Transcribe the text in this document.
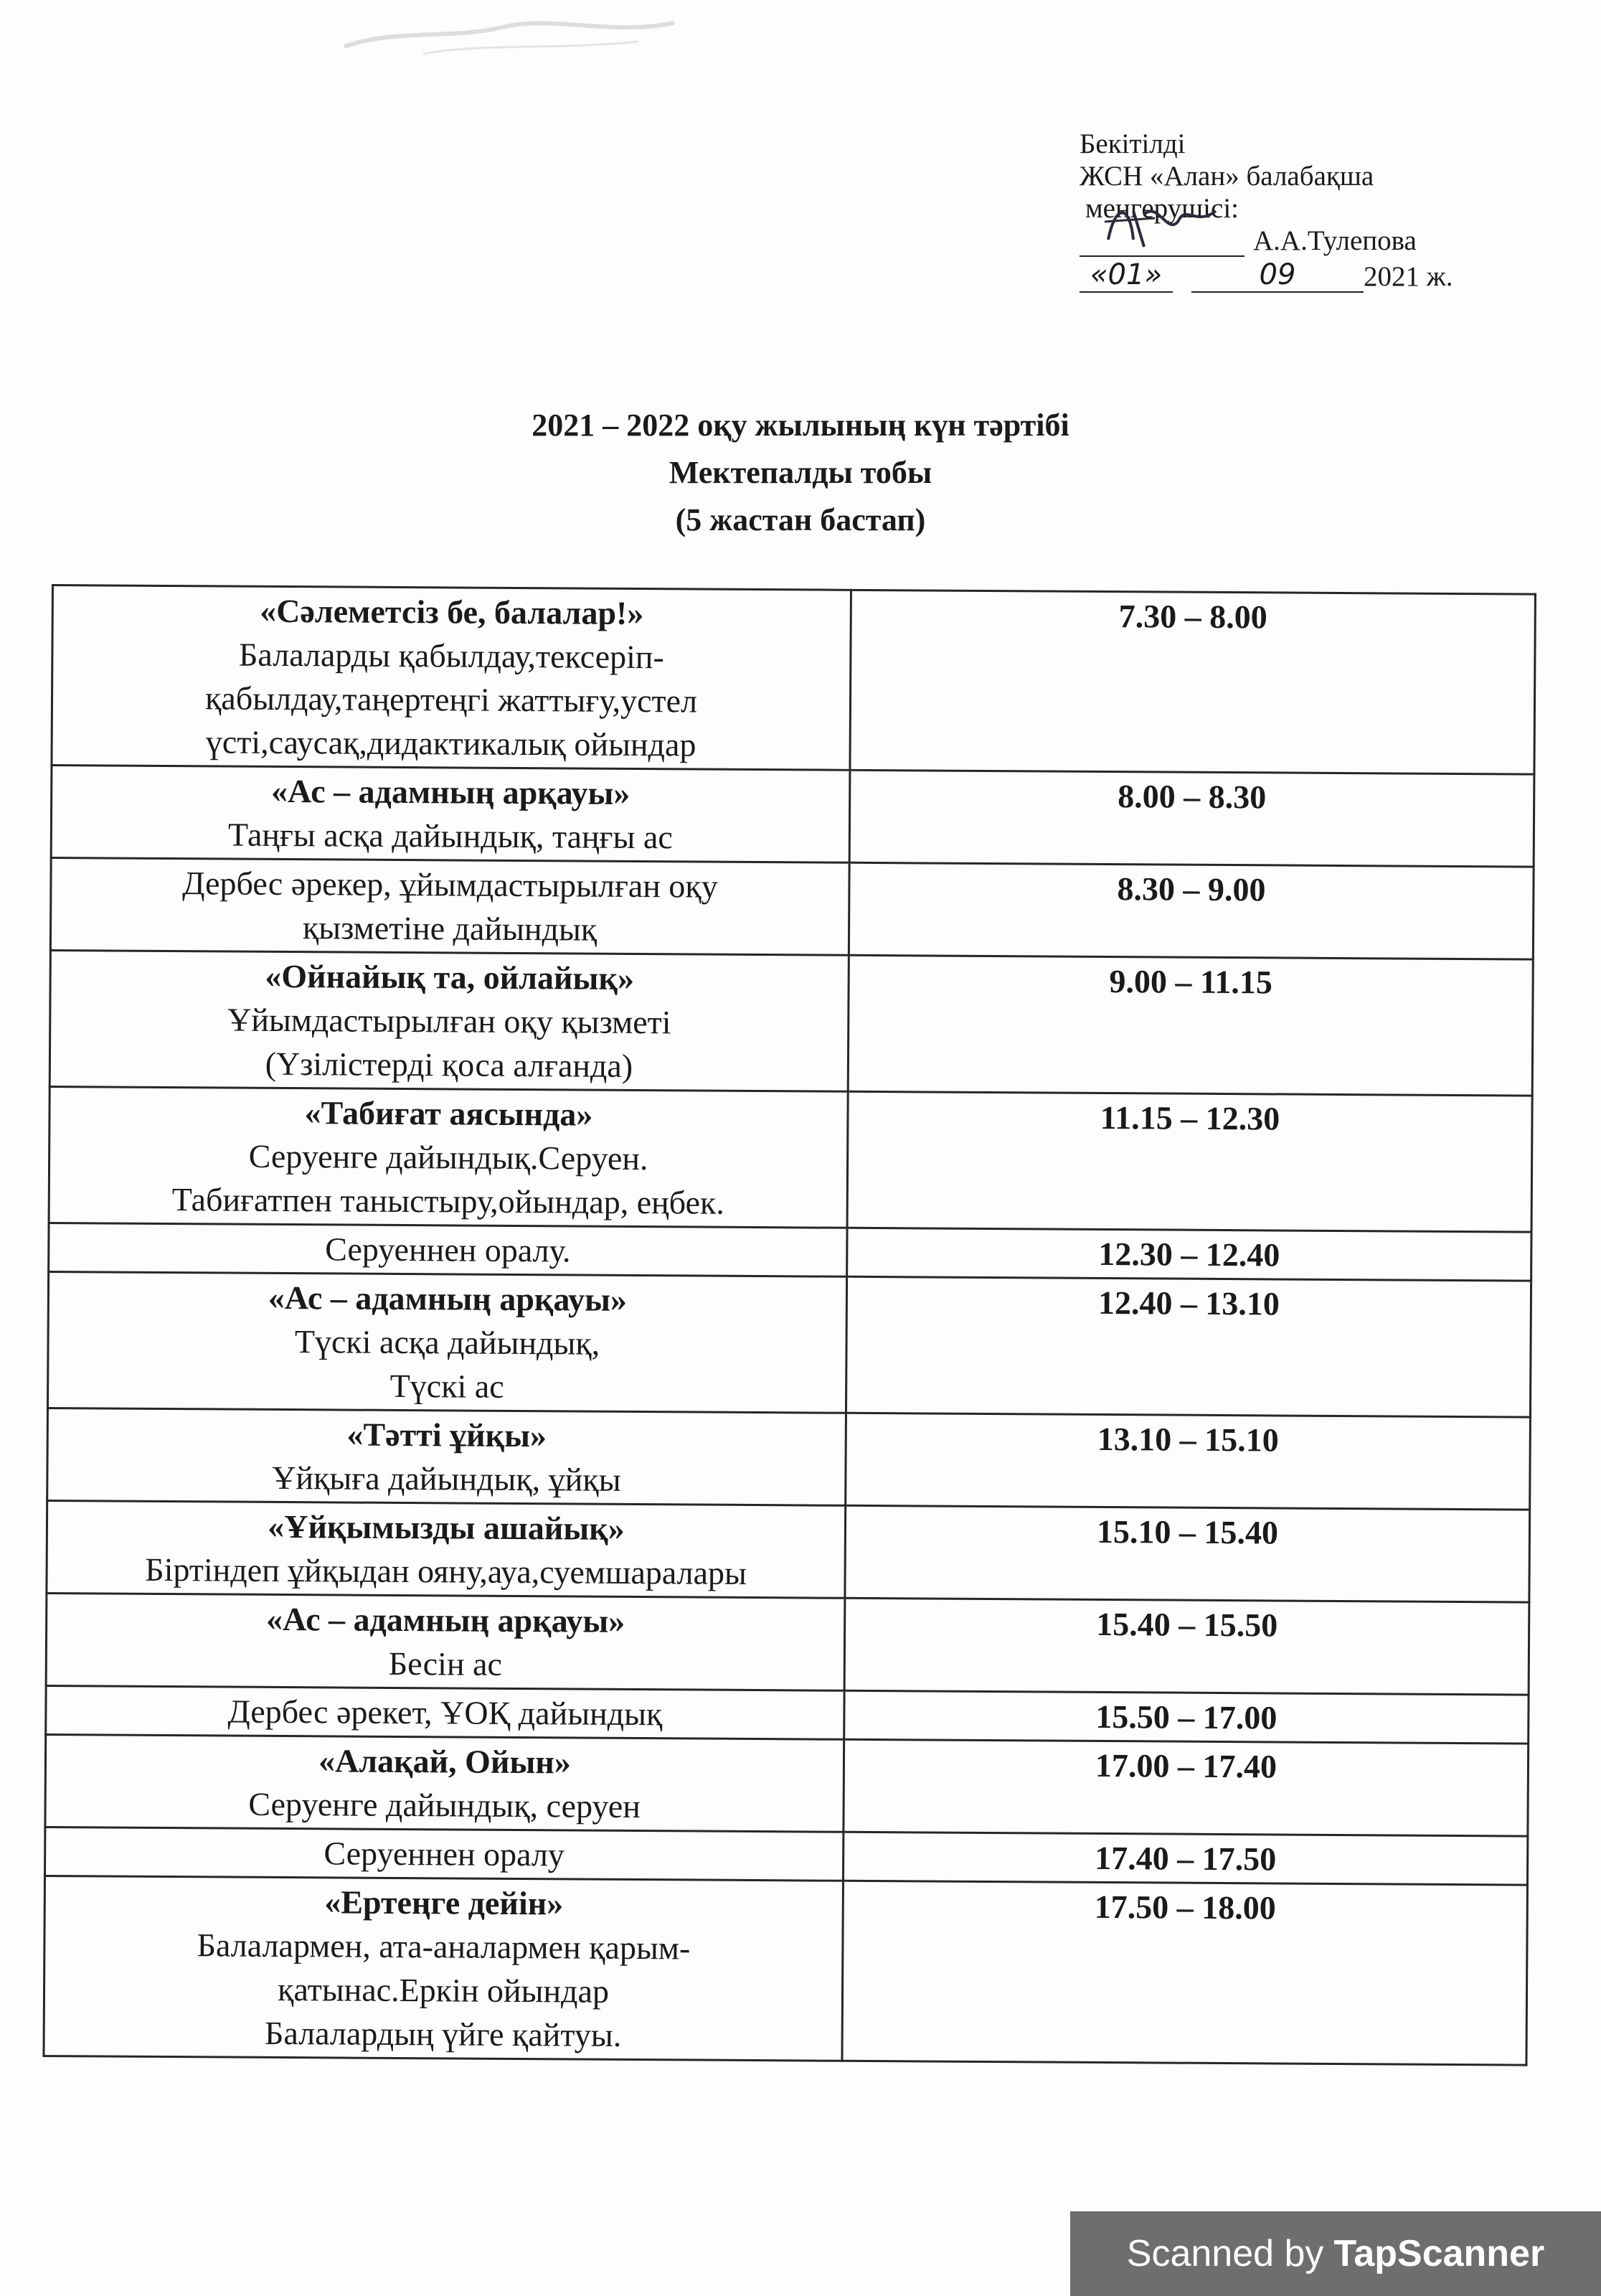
Бекітілді
ЖСН «Алан» балабақша
меңгерушісі:
А.А.Тулепова
«01»	09	2021 ж.
2021 – 2022 оқу жылының күн тәртібі
Мектепалды тобы
(5 жастан бастап)
«Сәлеметсіз бе, балалар!»
Балаларды қабылдау,тексеріп-
қабылдау,таңертеңгі жаттығу,устел
үсті,саусақ,дидактикалық ойындар	7.30 – 8.00

«Ас – адамның арқауы»
Таңғы асқа дайындық, таңғы ас	8.00 – 8.30

Дербес әрекер, ұйымдастырылған оқу
қызметіне дайындық	8.30 – 9.00

«Ойнайық та, ойлайық»
Ұйымдастырылған оқу қызметі
(Үзілістерді қоса алғанда)	9.00 – 11.15

«Табиғат аясында»
Серуенге дайындық.Серуен.
Табиғатпен таныстыру,ойындар, еңбек.	11.15 – 12.30

Серуеннен оралу.	12.30 – 12.40

«Ас – адамның арқауы»
Түскі асқа дайындық,
Түскі ас	12.40 – 13.10

«Тәтті ұйқы»
Ұйқыға дайындық, ұйқы	13.10 – 15.10

«Ұйқымызды ашайық»
Біртіндеп ұйқыдан ояну,ауа,суемшаралары	15.10 – 15.40

«Ас – адамның арқауы»
Бесін ас	15.40 – 15.50

Дербес әрекет, ҰОҚ дайындық	15.50 – 17.00

«Алақай, Ойын»
Серуенге дайындық, серуен	17.00 – 17.40

Серуеннен оралу	17.40 – 17.50

«Ертеңге дейін»
Балалармен, ата-аналармен қарым-
қатынас.Еркін ойындар
Балалардың үйге қайтуы.	17.50 – 18.00
Scanned by TapScanner
